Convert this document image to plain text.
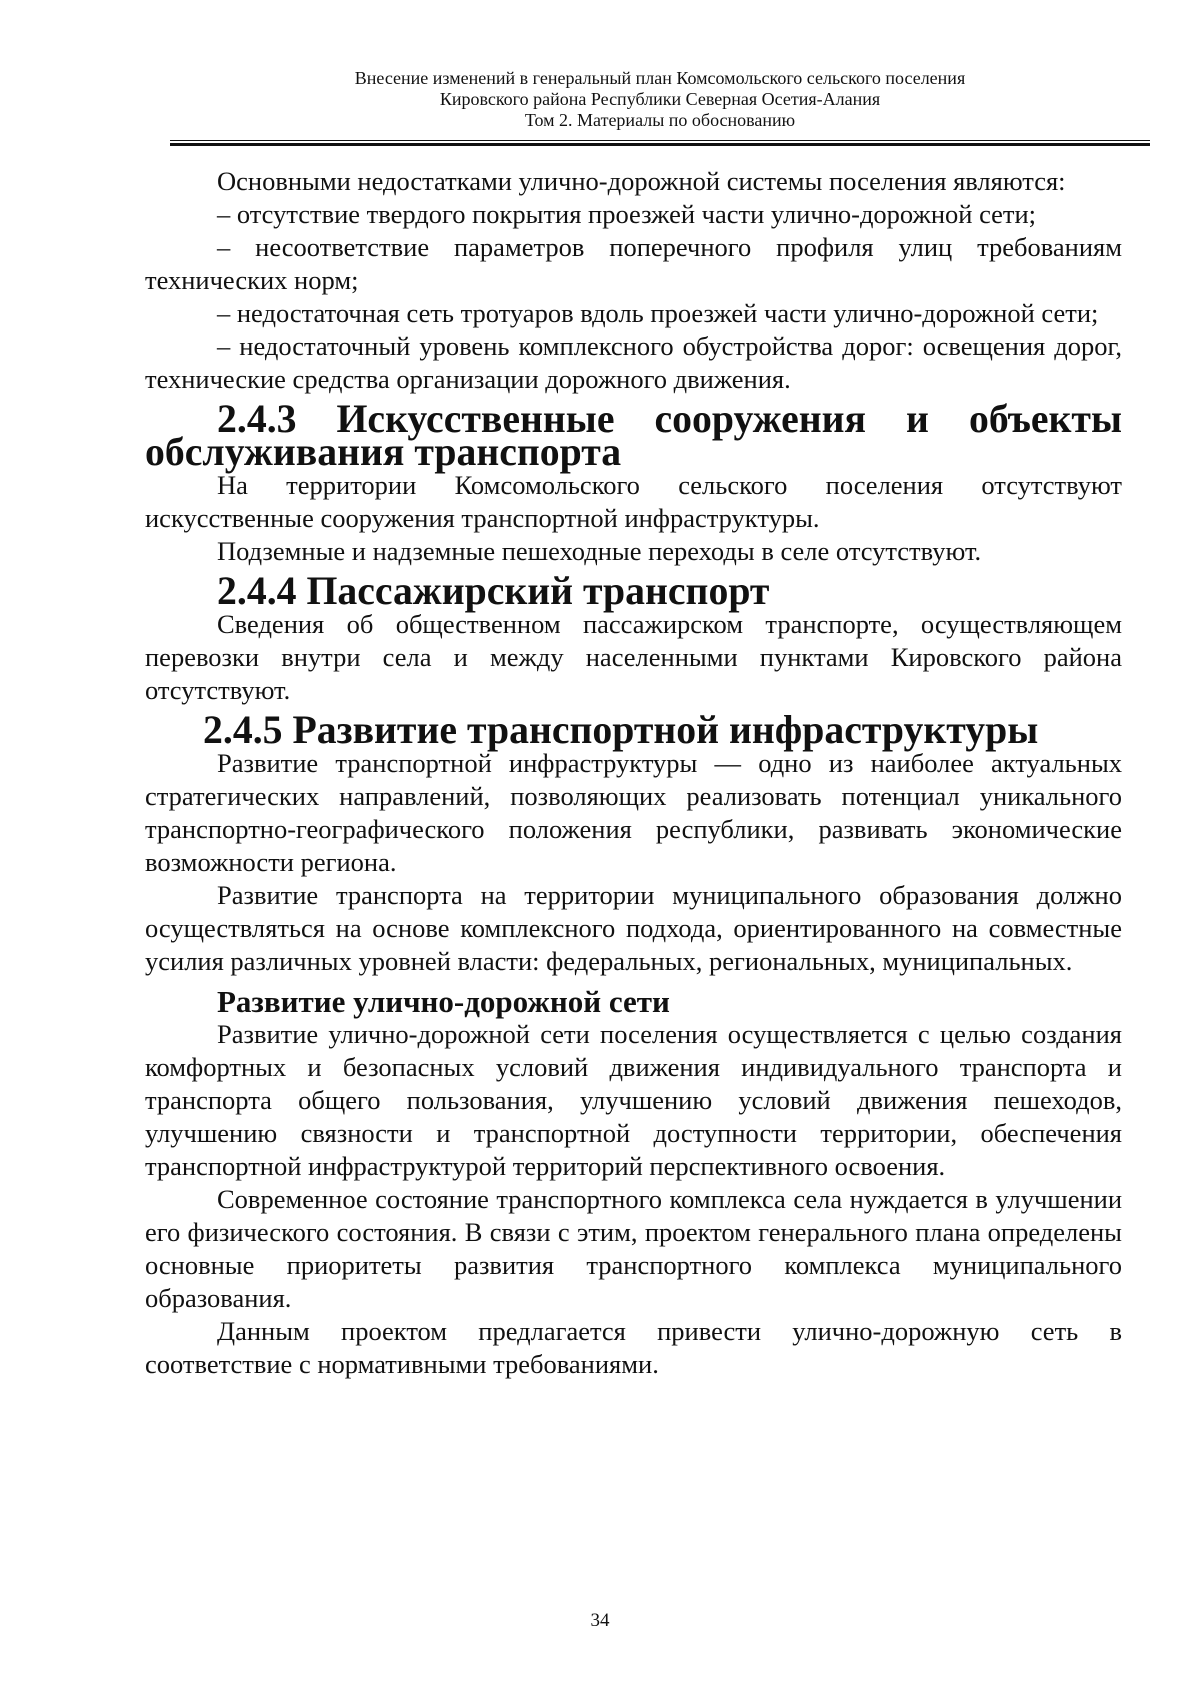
Внесение изменений в генеральный план Комсомольского сельского поселения
Кировского района Республики Северная Осетия-Алания
Том 2. Материалы по обоснованию

Основными недостатками улично-дорожной системы поселения являются:

– отсутствие твердого покрытия проезжей части улично-дорожной сети;

– несоответствие параметров поперечного профиля улиц требованиям технических норм;

– недостаточная сеть тротуаров вдоль проезжей части улично-дорожной сети;

– недостаточный уровень комплексного обустройства дорог: освещения дорог, технические средства организации дорожного движения.

2.4.3 Искусственные сооружения и объекты обслуживания транспорта

На территории Комсомольского сельского поселения отсутствуют искусственные сооружения транспортной инфраструктуры.

Подземные и надземные пешеходные переходы в селе отсутствуют.

2.4.4 Пассажирский транспорт

Сведения об общественном пассажирском транспорте, осуществляющем перевозки внутри села и между населенными пунктами Кировского района отсутствуют.

2.4.5 Развитие транспортной инфраструктуры

Развитие транспортной инфраструктуры — одно из наиболее актуальных стратегических направлений, позволяющих реализовать потенциал уникального транспортно-географического положения республики, развивать экономические возможности региона.

Развитие транспорта на территории муниципального образования должно осуществляться на основе комплексного подхода, ориентированного на совместные усилия различных уровней власти: федеральных, региональных, муниципальных.

Развитие улично-дорожной сети

Развитие улично-дорожной сети поселения осуществляется с целью создания комфортных и безопасных условий движения индивидуального транспорта и транспорта общего пользования, улучшению условий движения пешеходов, улучшению связности и транспортной доступности территории, обеспечения транспортной инфраструктурой территорий перспективного освоения.

Современное состояние транспортного комплекса села нуждается в улучшении его физического состояния. В связи с этим, проектом генерального плана определены основные приоритеты развития транспортного комплекса муниципального образования.

Данным проектом предлагается привести улично-дорожную сеть в соответствие с нормативными требованиями.

34
